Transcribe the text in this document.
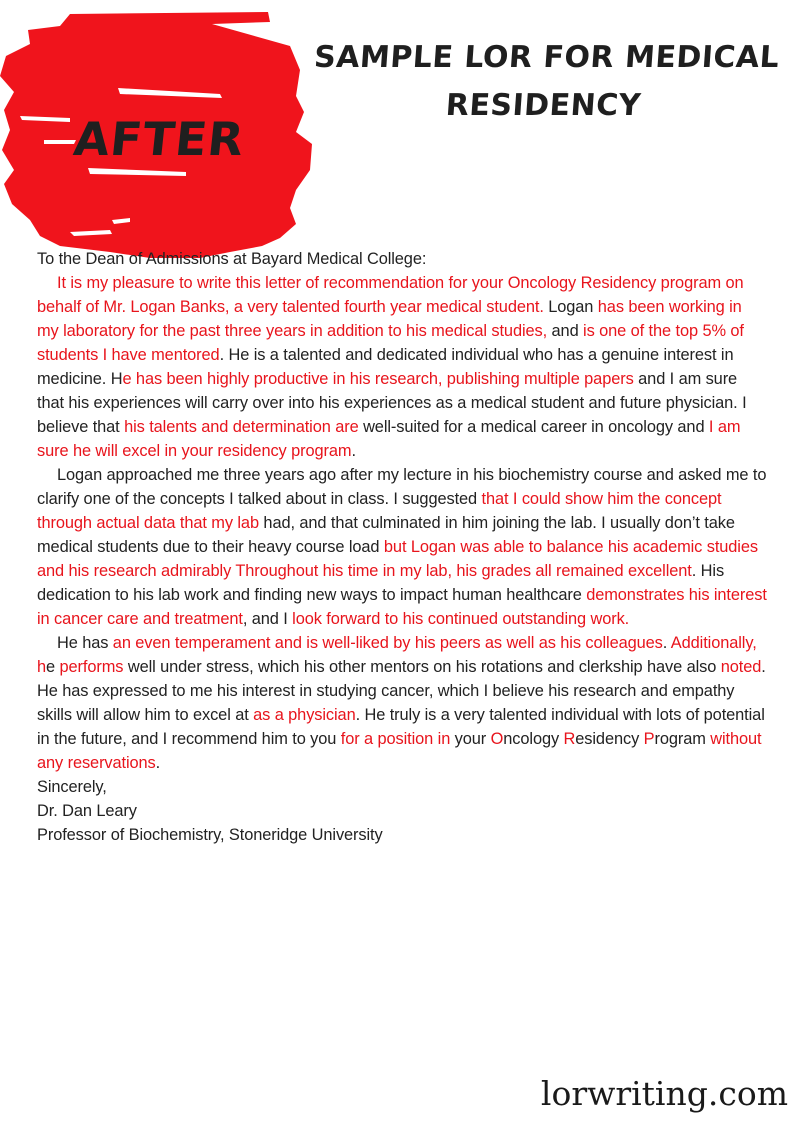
AFTER
SAMPLE LOR FOR MEDICAL
RESIDENCY

To the Dean of Admissions at Bayard Medical College:

It is my pleasure to write this letter of recommendation for your Oncology Residency program on behalf of Mr. Logan Banks, a very talented fourth year medical student. Logan has been working in my laboratory for the past three years in addition to his medical studies, and is one of the top 5% of students I have mentored. He is a talented and dedicated individual who has a genuine interest in medicine. He has been highly productive in his research, publishing multiple papers and I am sure that his experiences will carry over into his experiences as a medical student and future physician. I believe that his talents and determination are well-suited for a medical career in oncology and I am sure he will excel in your residency program.

Logan approached me three years ago after my lecture in his biochemistry course and asked me to clarify one of the concepts I talked about in class. I suggested that I could show him the concept through actual data that my lab had, and that culminated in him joining the lab. I usually don’t take medical students due to their heavy course load but Logan was able to balance his academic studies and his research admirably Throughout his time in my lab, his grades all remained excellent. His dedication to his lab work and finding new ways to impact human healthcare demonstrates his interest in cancer care and treatment, and I look forward to his continued outstanding work.

He has an even temperament and is well-liked by his peers as well as his colleagues. Additionally, he performs well under stress, which his other mentors on his rotations and clerkship have also noted. He has expressed to me his interest in studying cancer, which I believe his research and empathy skills will allow him to excel at as a physician. He truly is a very talented individual with lots of potential in the future, and I recommend him to you for a position in your Oncology Residency Program without any reservations.

Sincerely,

Dr. Dan Leary

Professor of Biochemistry, Stoneridge University

lorwriting.com
